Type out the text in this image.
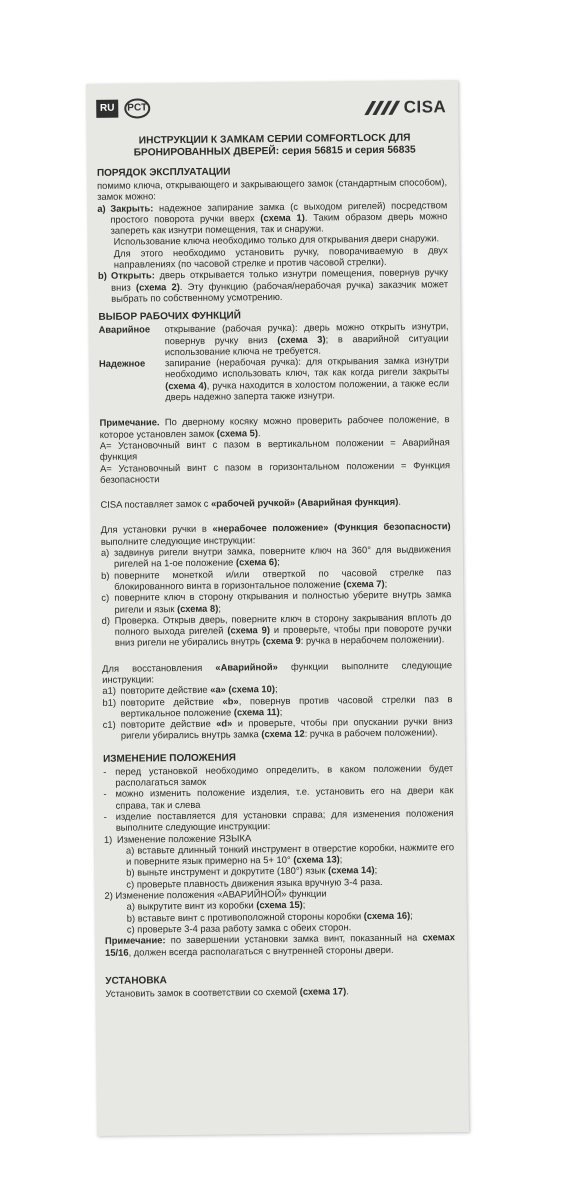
RU	PCT	CISA
ИНСТРУКЦИИ К ЗАМКАМ СЕРИИ COMFORTLOCK ДЛЯ
БРОНИРОВАННЫХ ДВЕРЕЙ: серия 56815 и серия 56835

ПОРЯДОК ЭКСПЛУАТАЦИИ

помимо ключа, открывающего и закрывающего замок (стандартным способом), замок можно:

a) Закрыть: надежное запирание замка (с выходом ригелей) посредством простого поворота ручки вверх (схема 1). Таким образом дверь можно запереть как изнутри помещения, так и снаружи.

Использование ключа необходимо только для открывания двери снаружи.

Для этого необходимо установить ручку, поворачиваемую в двух направлениях (по часовой стрелке и против часовой стрелки).

b) Открыть: дверь открывается только изнутри помещения, повернув ручку вниз (схема 2). Эту функцию (рабочая/нерабочая ручка) заказчик может выбрать по собственному усмотрению.

ВЫБОР РАБОЧИХ ФУНКЦИЙ

Аварийное	открывание (рабочая ручка): дверь можно открыть изнутри, повернув ручку вниз (схема 3); в аварийной ситуации использование ключа не требуется.
Надежное	запирание (нерабочая ручка): для открывания замка изнутри необходимо использовать ключ, так как когда ригели закрыты (схема 4), ручка находится в холостом положении, а также если дверь надежно заперта также изнутри.

Примечание. По дверному косяку можно проверить рабочее положение, в которое установлен замок (схема 5).

A= Установочный винт с пазом в вертикальном положении = Аварийная функция

A= Установочный винт с пазом в горизонтальном положении = Функция безопасности

CISA поставляет замок с «рабочей ручкой» (Аварийная функция).

Для установки ручки в «нерабочее положение» (Функция безопасности) выполните следующие инструкции:

a) задвинув ригели внутри замка, поверните ключ на 360° для выдвижения ригелей на 1-ое положение (схема 6);
b) поверните монеткой и/или отверткой по часовой стрелке паз блокированного винта в горизонтальное положение (схема 7);
c) поверните ключ в сторону открывания и полностью уберите внутрь замка ригели и язык (схема 8);
d) Проверка. Открыв дверь, поверните ключ в сторону закрывания вплоть до полного выхода ригелей (схема 9) и проверьте, чтобы при повороте ручки вниз ригели не убирались внутрь (схема 9: ручка в нерабочем положении).

Для восстановления «Аварийной» функции выполните следующие инструкции:

a1) повторите действие «а» (схема 10);
b1) повторите действие «b», повернув против часовой стрелки паз в вертикальное положение (схема 11);
c1) повторите действие «d» и проверьте, чтобы при опускании ручки вниз ригели убирались внутрь замка (схема 12: ручка в рабочем положении).

ИЗМЕНЕНИЕ ПОЛОЖЕНИЯ

- перед установкой необходимо определить, в каком положении будет располагаться замок
- можно изменить положение изделия, т.е. установить его на двери как справа, так и слева
- изделие поставляется для установки справа; для изменения положения выполните следующие инструкции:
1) Изменение положение ЯЗЫКА

a) вставьте длинный тонкий инструмент в отверстие коробки, нажмите его и поверните язык примерно на 5+ 10° (схема 13);

b) выньте инструмент и докрутите (180°) язык (схема 14);

c) проверьте плавность движения языка вручную 3-4 раза.

2) Изменение положения «АВАРИЙНОЙ» функции

a) выкрутите винт из коробки (схема 15);

b) вставьте винт с противоположной стороны коробки (схема 16);

c) проверьте 3-4 раза работу замка с обеих сторон.

Примечание: по завершении установки замка винт, показанный на схемах 15/16, должен всегда располагаться с внутренней стороны двери.

УСТАНОВКА

Установить замок в соответствии со схемой (схема 17).
